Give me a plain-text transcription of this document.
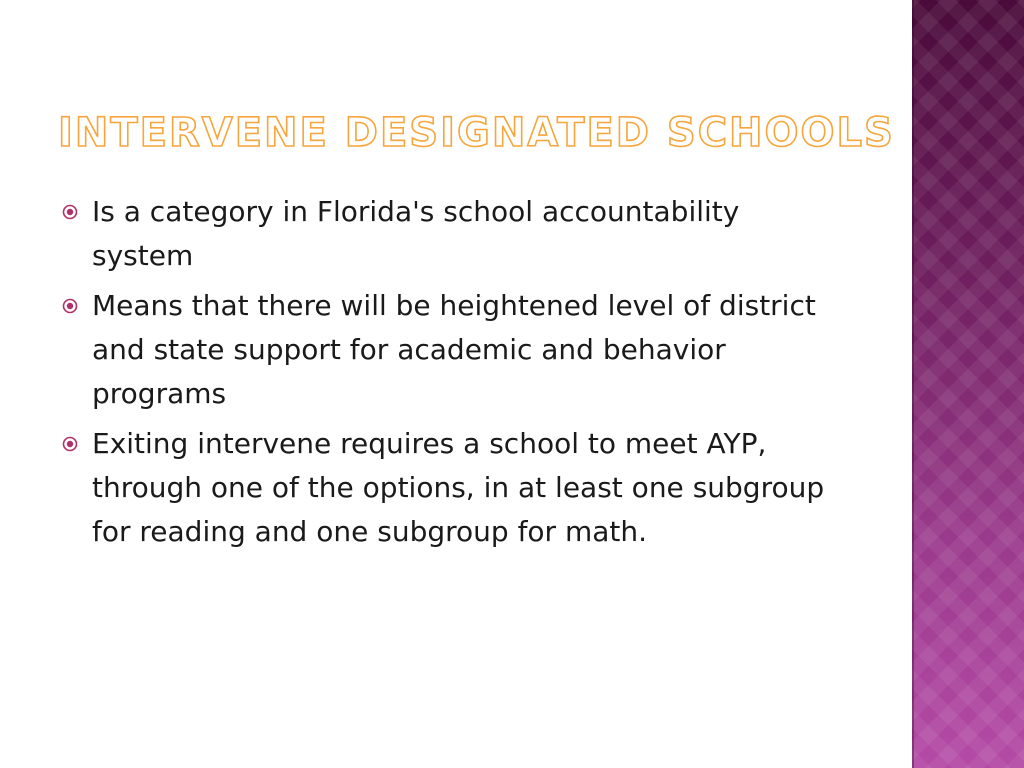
INTERVENE DESIGNATED SCHOOLS
Is a category in Florida's school accountability system
Means that there will be heightened level of district and state support for academic and behavior programs
Exiting intervene requires a school to meet AYP, through one of the options, in at least one subgroup for reading and one subgroup for math.
